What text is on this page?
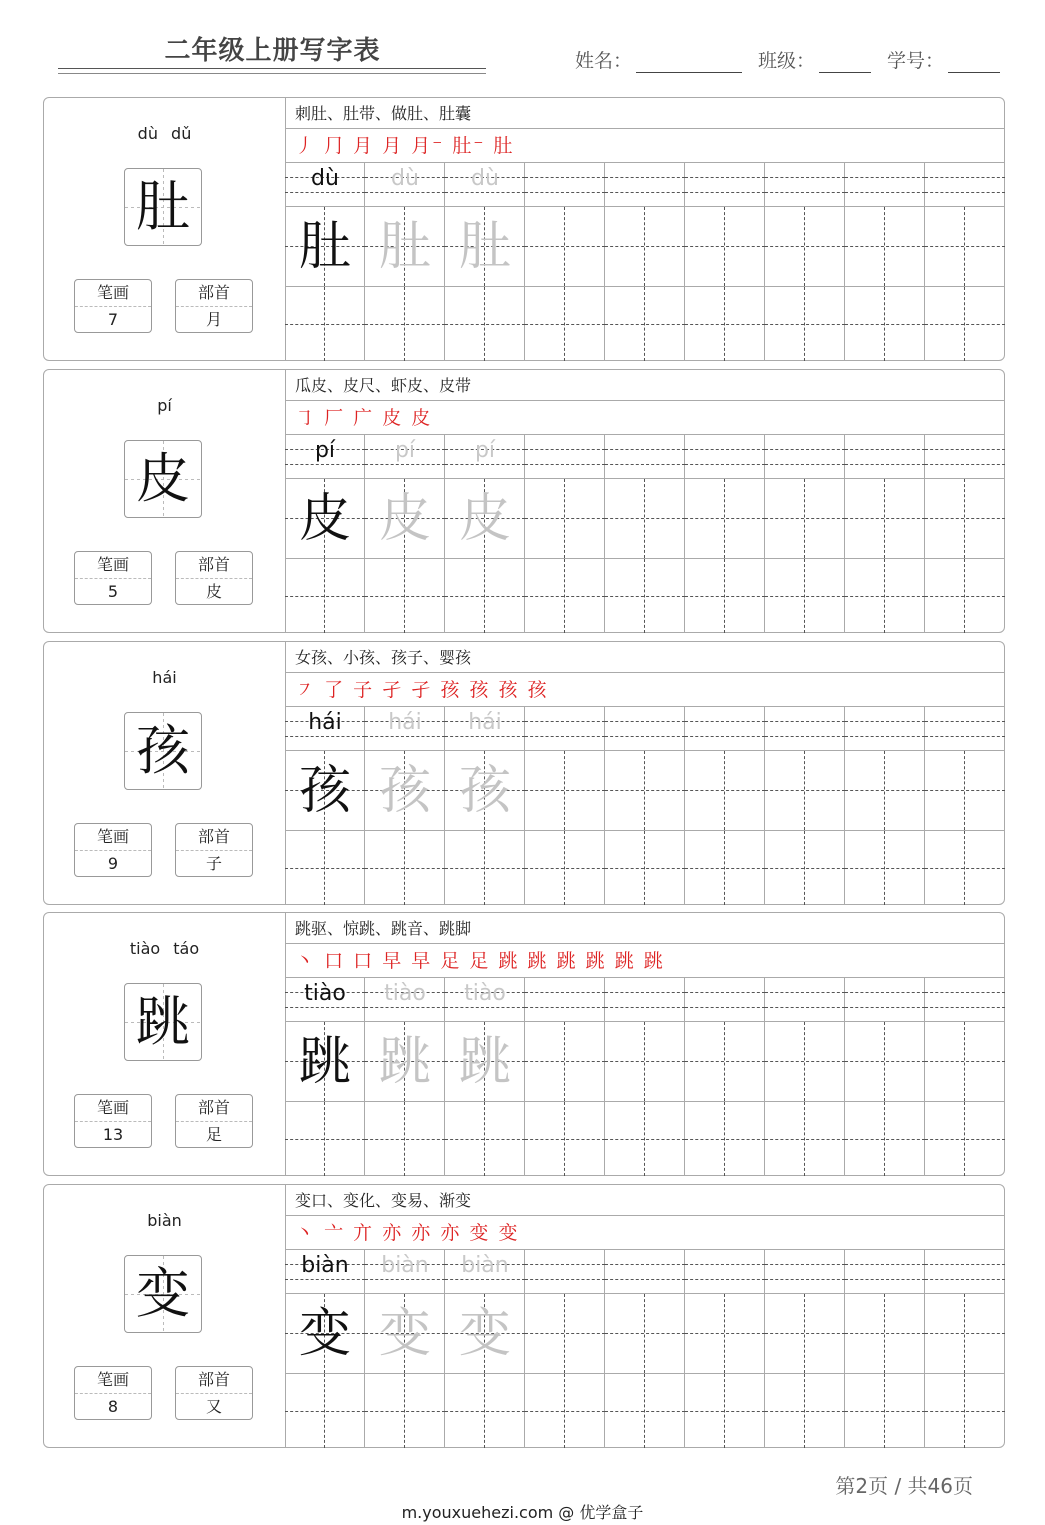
二年级上册写字表	姓名：	班级：	学号：
dù dǔ
肚
笔画
7
部首
月
刺肚、肚带、做肚、肚囊
丿 ⺆ 月 月 月⁻ 肚⁻ 肚
dù
肚
dù
肚
dù
肚
pí
皮
笔画
5
部首
皮
瓜皮、皮尺、虾皮、皮带
㇆ 厂 广 皮 皮
pí
皮
pí
皮
pí
皮
hái
孩
笔画
9
部首
子
女孩、小孩、孩子、婴孩
㇇ 了 子 孑 孑 孩 孩 孩 孩
hái
孩
hái
孩
hái
孩
tiào táo
跳
笔画
13
部首
足
跳驱、惊跳、跳音、跳脚
丶 口 口 早 早 足 足 跳 跳 跳 跳 跳 跳
tiào
跳
tiào
跳
tiào
跳
biàn
变
笔画
8
部首
又
变口、变化、变易、渐变
丶 亠 亣 亦 亦 亦 变 变
biàn
变
biàn
变
biàn
变
第2页 / 共46页
m.youxuehezi.com @ 优学盒子
